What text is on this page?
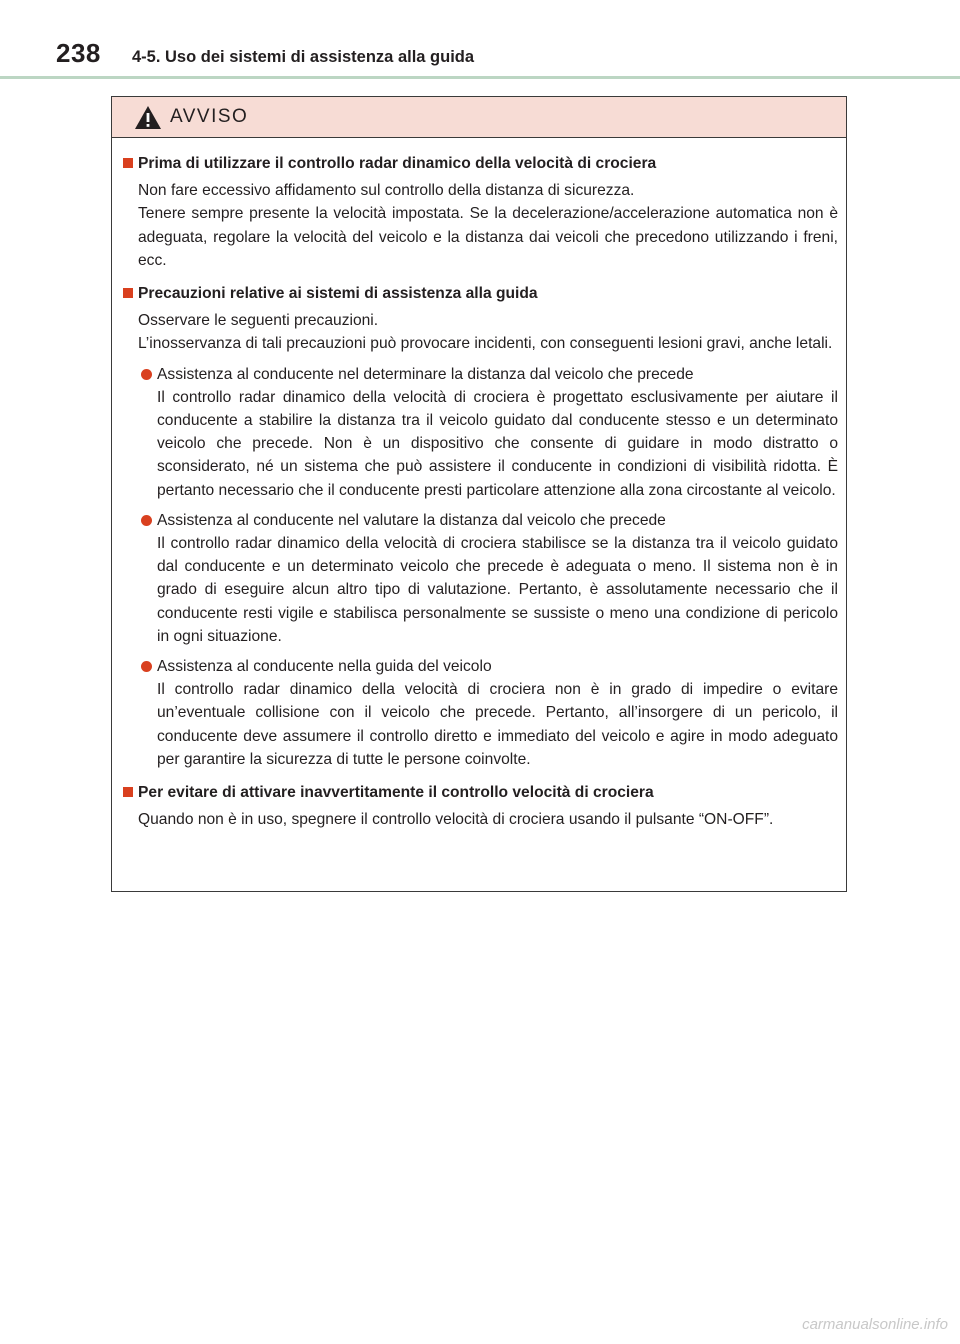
238 4-5. Uso dei sistemi di assistenza alla guida
AVVISO
Prima di utilizzare il controllo radar dinamico della velocità di crociera
Non fare eccessivo affidamento sul controllo della distanza di sicurezza.
Tenere sempre presente la velocità impostata. Se la decelerazione/accelerazione automatica non è adeguata, regolare la velocità del veicolo e la distanza dai veicoli che precedono utilizzando i freni, ecc.
Precauzioni relative ai sistemi di assistenza alla guida
Osservare le seguenti precauzioni.
L’inosservanza di tali precauzioni può provocare incidenti, con conseguenti lesioni gravi, anche letali.
Assistenza al conducente nel determinare la distanza dal veicolo che precede
Il controllo radar dinamico della velocità di crociera è progettato esclusivamente per aiutare il conducente a stabilire la distanza tra il veicolo guidato dal conducente stesso e un determinato veicolo che precede. Non è un dispositivo che consente di guidare in modo distratto o sconsiderato, né un sistema che può assistere il conducente in condizioni di visibilità ridotta. È pertanto necessario che il conducente presti particolare attenzione alla zona circostante al veicolo.
Assistenza al conducente nel valutare la distanza dal veicolo che precede
Il controllo radar dinamico della velocità di crociera stabilisce se la distanza tra il veicolo guidato dal conducente e un determinato veicolo che precede è adeguata o meno. Il sistema non è in grado di eseguire alcun altro tipo di valutazione. Pertanto, è assolutamente necessario che il conducente resti vigile e stabilisca personalmente se sussiste o meno una condizione di pericolo in ogni situazione.
Assistenza al conducente nella guida del veicolo
Il controllo radar dinamico della velocità di crociera non è in grado di impedire o evitare un’eventuale collisione con il veicolo che precede. Pertanto, all’insorgere di un pericolo, il conducente deve assumere il controllo diretto e immediato del veicolo e agire in modo adeguato per garantire la sicurezza di tutte le persone coinvolte.
Per evitare di attivare inavvertitamente il controllo velocità di crociera
Quando non è in uso, spegnere il controllo velocità di crociera usando il pulsante “ON-OFF”.
carmanualsonline.info
